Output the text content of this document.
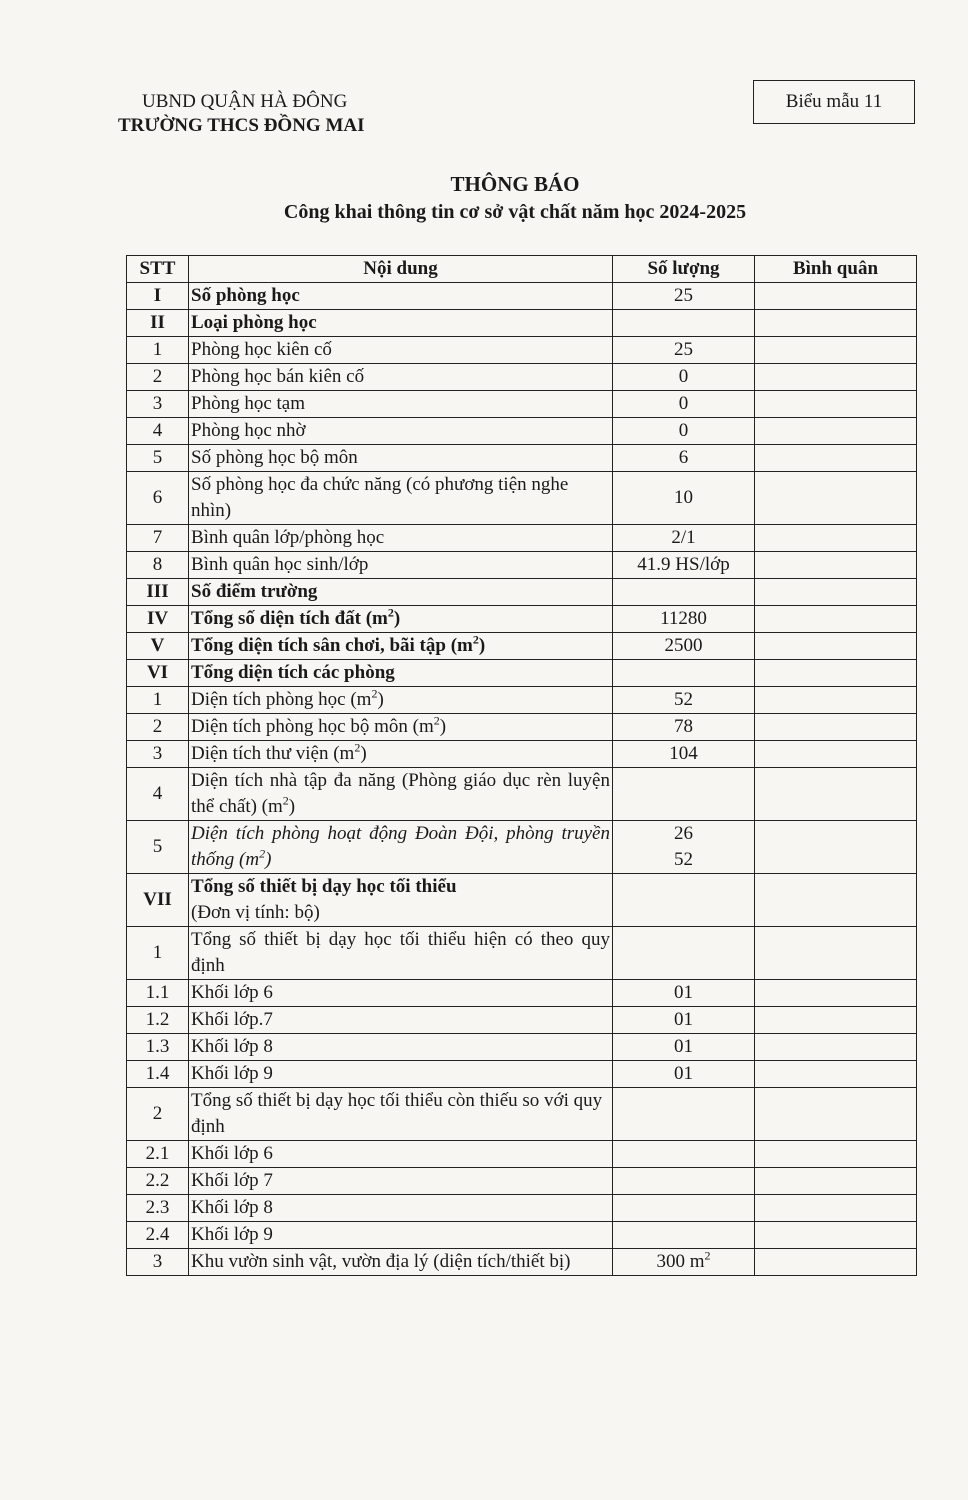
UBND QUẬN HÀ ĐÔNG
TRƯỜNG THCS ĐỒNG MAI
Biểu mẫu 11
THÔNG BÁO
Công khai thông tin cơ sở vật chất năm học 2024-2025
STT	Nội dung	Số lượng	Bình quân
I	Số phòng học	25	
II	Loại phòng học		
1	Phòng học kiên cố	25	
2	Phòng học bán kiên cố	0	
3	Phòng học tạm	0	
4	Phòng học nhờ	0	
5	Số phòng học bộ môn	6	
6	Số phòng học đa chức năng (có phương tiện nghe nhìn)	10	
7	Bình quân lớp/phòng học	2/1	
8	Bình quân học sinh/lớp	41.9 HS/lớp	
III	Số điểm trường		
IV	Tổng số diện tích đất $(m^2)$	11280	
V	Tổng diện tích sân chơi, bãi tập $(m^2)$	2500	
VI	Tổng diện tích các phòng		
1	Diện tích phòng học $(m^2)$	52	
2	Diện tích phòng học bộ môn $(m^2)$	78	
3	Diện tích thư viện $(m^2)$	104	
4	Diện tích nhà tập đa năng (Phòng giáo dục rèn luyện thể chất) $(m^2)$		
5	Diện tích phòng hoạt động Đoàn Đội, phòng truyền thống $(m^2)$	26
52	

VII	Tổng số thiết bị dạy học tối thiểu
(Đơn vị tính: bộ)		

1	Tổng số thiết bị dạy học tối thiểu hiện có theo quy định		
1.1	Khối lớp 6	01	
1.2	Khối lớp.7	01	
1.3	Khối lớp 8	01	
1.4	Khối lớp 9	01	
2	Tổng số thiết bị dạy học tối thiểu còn thiếu so với quy định		
2.1	Khối lớp 6		
2.2	Khối lớp 7		
2.3	Khối lớp 8		
2.4	Khối lớp 9		
3	Khu vườn sinh vật, vườn địa lý (diện tích/thiết bị)	300 $m^2$	
